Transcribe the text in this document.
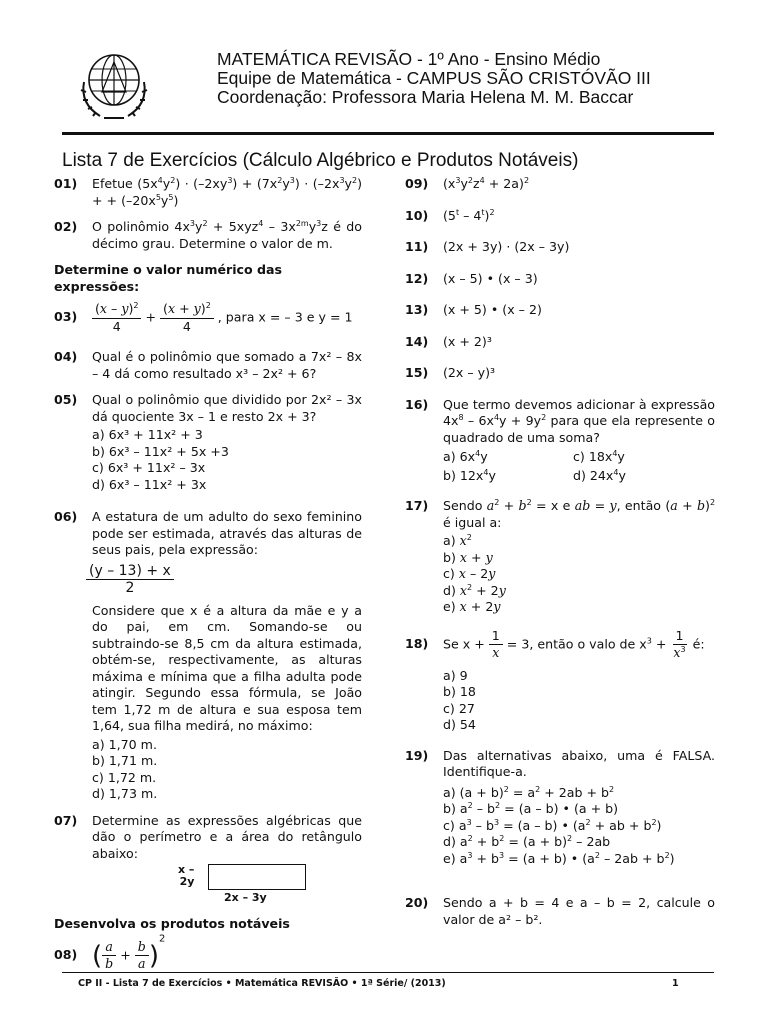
MATEMÁTICA REVISÃO - 1º Ano - Ensino Médio
Equipe de Matemática - CAMPUS SÃO CRISTÓVÃO III
Coordenação: Professora Maria Helena M. M. Baccar
Lista 7 de Exercícios (Cálculo Algébrico e Produtos Notáveis)
01) Efetue $(5x^4y^2) \cdot (-2xy^3) + (7x^2y^3) \cdot (-2x^3y^2)$ + + $(-20x^5y^5)$
02) O polinômio $4x^3y^2 + 5xyz^4 - 3x^{2m}y^3z$ é do décimo grau. Determine o valor de m.
Determine o valor numérico das expressões:
$03) \frac{(x - y)^2}{4} + \frac{(x + y)^2}{4}$ , para x = – 3 e y = 1
04) Qual é o polinômio que somado a 7x² – 8x – 4 dá como resultado x³ – 2x² + 6?
05) Qual o polinômio que dividido por 2x² – 3x dá quociente 3x – 1 e resto 2x + 3?
a) 6x³ + 11x² + 3
b) 6x³ – 11x² + 5x +3
c) 6x³ + 11x² – 3x
d) 6x³ – 11x² + 3x
06) A estatura de um adulto do sexo feminino pode ser estimada, através das alturas de seus pais, pela expressão:
$\frac{(y - 13) + x}{2}$
Considere que x é a altura da mãe e y a do pai, em cm. Somando-se ou subtraindo-se 8,5 cm da altura estimada, obtém-se, respectivamente, as alturas máxima e mínima que a filha adulta pode atingir. Segundo essa fórmula, se João tem 1,72 m de altura e sua esposa tem 1,64, sua filha medirá, no máximo:
a) 1,70 m.
b) 1,71 m.
c) 1,72 m.
d) 1,73 m.
07) Determine as expressões algébricas que dão o perímetro e a área do retângulo abaixo:
x –
2y
2x – 3y
Desenvolva os produtos notáveis
08) ( $\frac{a}{b} + \frac{b}{a} )^2$
09) $(x^3y^2z^4 + 2a)^2$
10) (5$^t$ – 4$^t$)$^2$
11) (2x + 3y) · (2x – 3y)
12) (x – 5) • (x – 3)
13) (x + 5) • (x – 2)
14) (x + 2)³
15) (2x – y)³
16) Que termo devemos adicionar à expressão $4x^8 - 6x^4y + 9y^2$ para que ela represente o quadrado de uma soma?
a) $6x^4y$	c) $18x^4y$
b) $12x^4y$	d) $24x^4y$
17) Sendo $a^2 + b^2 = x$ e ab = y, então $(a + b)^2$ é igual a:
a) $x^2$
b) x + y
c) x – 2y
d) $x^2 + 2y$
e) x + 2y
18) Se $x + \frac{1}{x} = 3$, então o valo de $x^3 + \frac{1}{x^3}$ é:
a) 9
b) 18
c) 27
d) 54
19) Das alternativas abaixo, uma é FALSA. Identifique-a.
a) $(a + b)^2 = a^2 + 2ab + b^2$
b) $a^2 - b^2 = (a - b)$ • (a + b)
c) $a^3 - b^3 = (a - b)$ • ($a^2$ + ab + $b^2$)
d) $a^2 + b^2 = (a + b)^2 - 2ab$
e) $a^3 + b^3 = (a + b)$ • $(a^2 - 2ab + b^2)$
20) Sendo a + b = 4 e a – b = 2, calcule o valor de a² – b².
CP II - Lista 7 de Exercícios • Matemática REVISÃO • 1ª Série/ (2013)	1
